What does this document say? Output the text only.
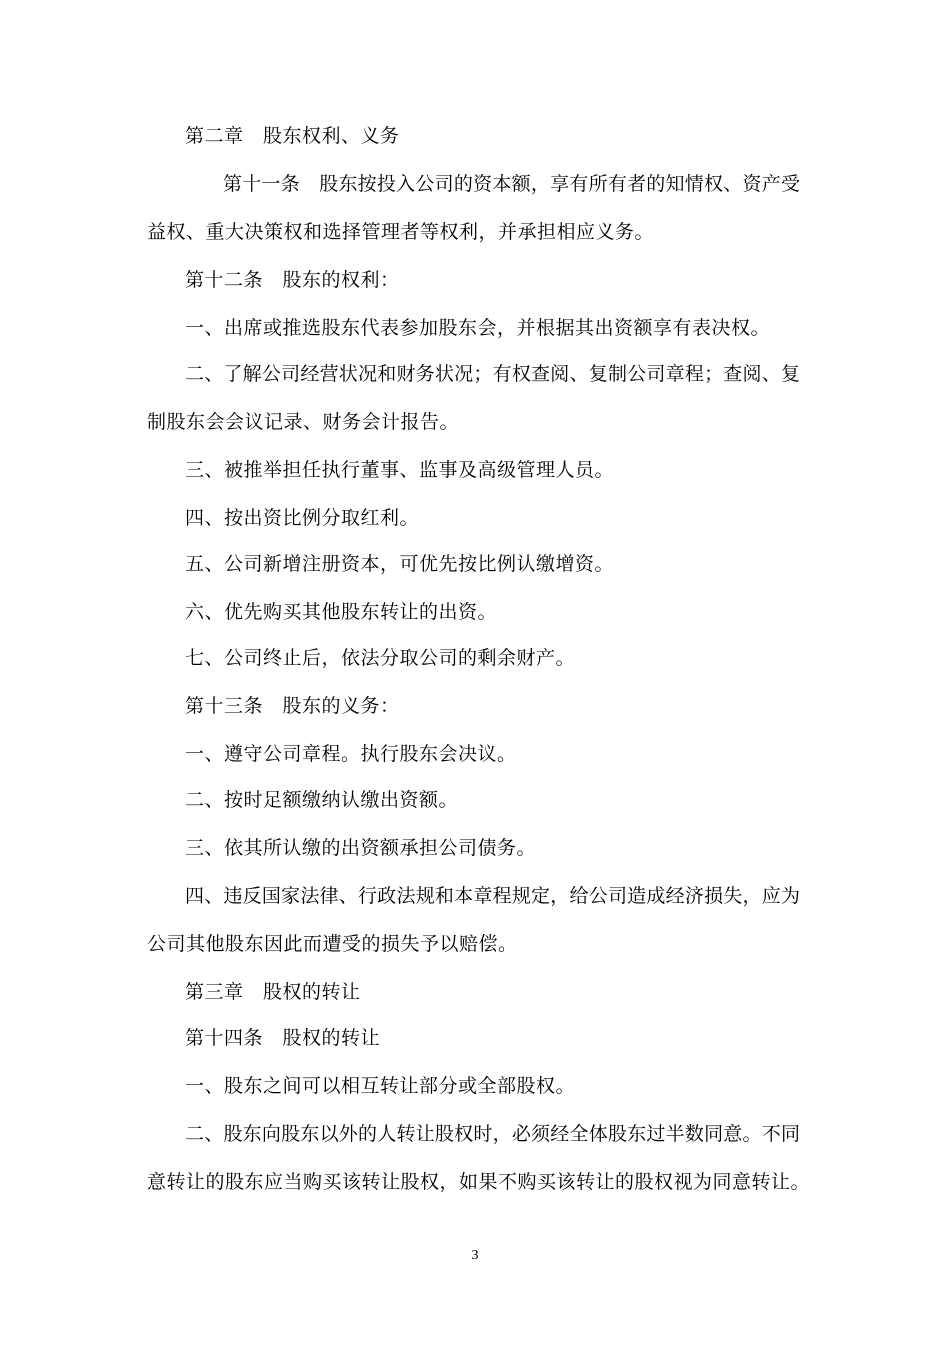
第二章　股东权利、义务
第十一条　股东按投入公司的资本额，享有所有者的知情权、资产受
益权、重大决策权和选择管理者等权利，并承担相应义务。
第十二条　股东的权利：
一、出席或推选股东代表参加股东会，并根据其出资额享有表决权。
二、了解公司经营状况和财务状况；有权查阅、复制公司章程；查阅、复
制股东会会议记录、财务会计报告。
三、被推举担任执行董事、监事及高级管理人员。
四、按出资比例分取红利。
五、公司新增注册资本，可优先按比例认缴增资。
六、优先购买其他股东转让的出资。
七、公司终止后，依法分取公司的剩余财产。
第十三条　股东的义务：
一、遵守公司章程。执行股东会决议。
二、按时足额缴纳认缴出资额。
三、依其所认缴的出资额承担公司债务。
四、违反国家法律、行政法规和本章程规定，给公司造成经济损失，应为
公司其他股东因此而遭受的损失予以赔偿。
第三章　股权的转让
第十四条　股权的转让
一、股东之间可以相互转让部分或全部股权。
二、股东向股东以外的人转让股权时，必须经全体股东过半数同意。不同
意转让的股东应当购买该转让股权，如果不购买该转让的股权视为同意转让。
3
